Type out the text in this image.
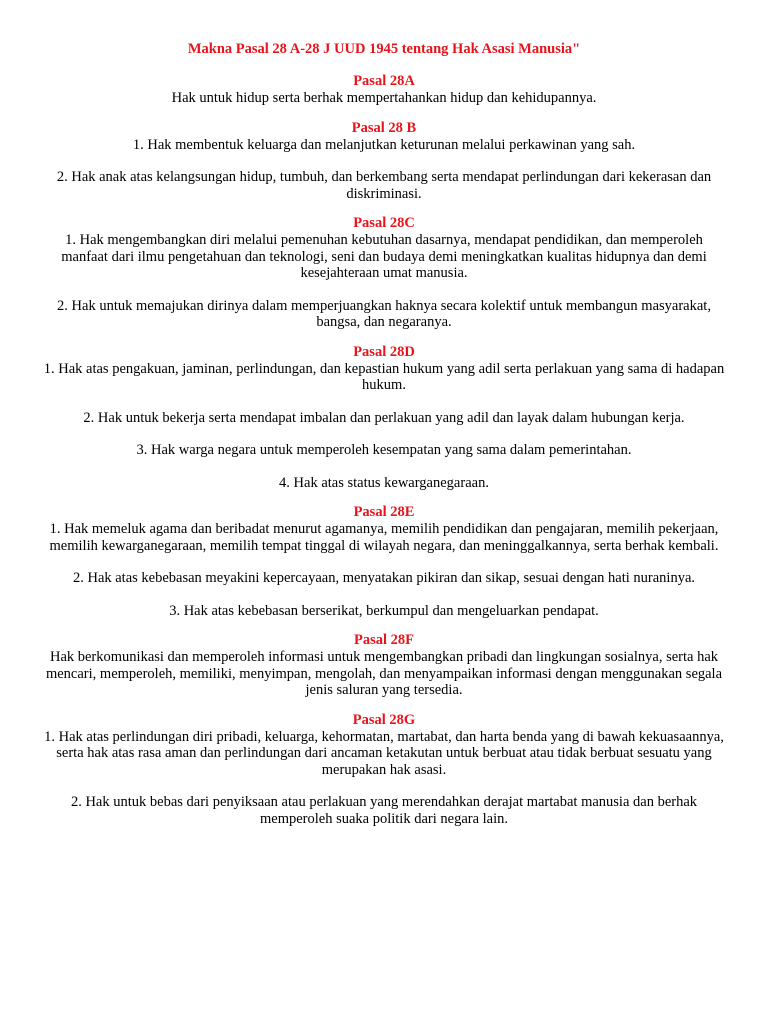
Makna Pasal 28 A-28 J UUD 1945 tentang Hak Asasi Manusia"
Pasal 28A

Hak untuk hidup serta berhak mempertahankan hidup dan kehidupannya.

Pasal 28 B

1. Hak membentuk keluarga dan melanjutkan keturunan melalui perkawinan yang sah.

2. Hak anak atas kelangsungan hidup, tumbuh, dan berkembang serta mendapat perlindungan dari kekerasan dan diskriminasi.

Pasal 28C

1. Hak mengembangkan diri melalui pemenuhan kebutuhan dasarnya, mendapat pendidikan, dan memperoleh manfaat dari ilmu pengetahuan dan teknologi, seni dan budaya demi meningkatkan kualitas hidupnya dan demi kesejahteraan umat manusia.

2. Hak untuk memajukan dirinya dalam memperjuangkan haknya secara kolektif untuk membangun masyarakat, bangsa, dan negaranya.

Pasal 28D

1. Hak atas pengakuan, jaminan, perlindungan, dan kepastian hukum yang adil serta perlakuan yang sama di hadapan hukum.

2. Hak untuk bekerja serta mendapat imbalan dan perlakuan yang adil dan layak dalam hubungan kerja.

3. Hak warga negara untuk memperoleh kesempatan yang sama dalam pemerintahan.

4. Hak atas status kewarganegaraan.

Pasal 28E

1. Hak memeluk agama dan beribadat menurut agamanya, memilih pendidikan dan pengajaran, memilih pekerjaan, memilih kewarganegaraan, memilih tempat tinggal di wilayah negara, dan meninggalkannya, serta berhak kembali.

2. Hak atas kebebasan meyakini kepercayaan, menyatakan pikiran dan sikap, sesuai dengan hati nuraninya.

3. Hak atas kebebasan berserikat, berkumpul dan mengeluarkan pendapat.

Pasal 28F

Hak berkomunikasi dan memperoleh informasi untuk mengembangkan pribadi dan lingkungan sosialnya, serta hak mencari, memperoleh, memiliki, menyimpan, mengolah, dan menyampaikan informasi dengan menggunakan segala jenis saluran yang tersedia.

Pasal 28G

1. Hak atas perlindungan diri pribadi, keluarga, kehormatan, martabat, dan harta benda yang di bawah kekuasaannya, serta hak atas rasa aman dan perlindungan dari ancaman ketakutan untuk berbuat atau tidak berbuat sesuatu yang merupakan hak asasi.

2. Hak untuk bebas dari penyiksaan atau perlakuan yang merendahkan derajat martabat manusia dan berhak memperoleh suaka politik dari negara lain.
